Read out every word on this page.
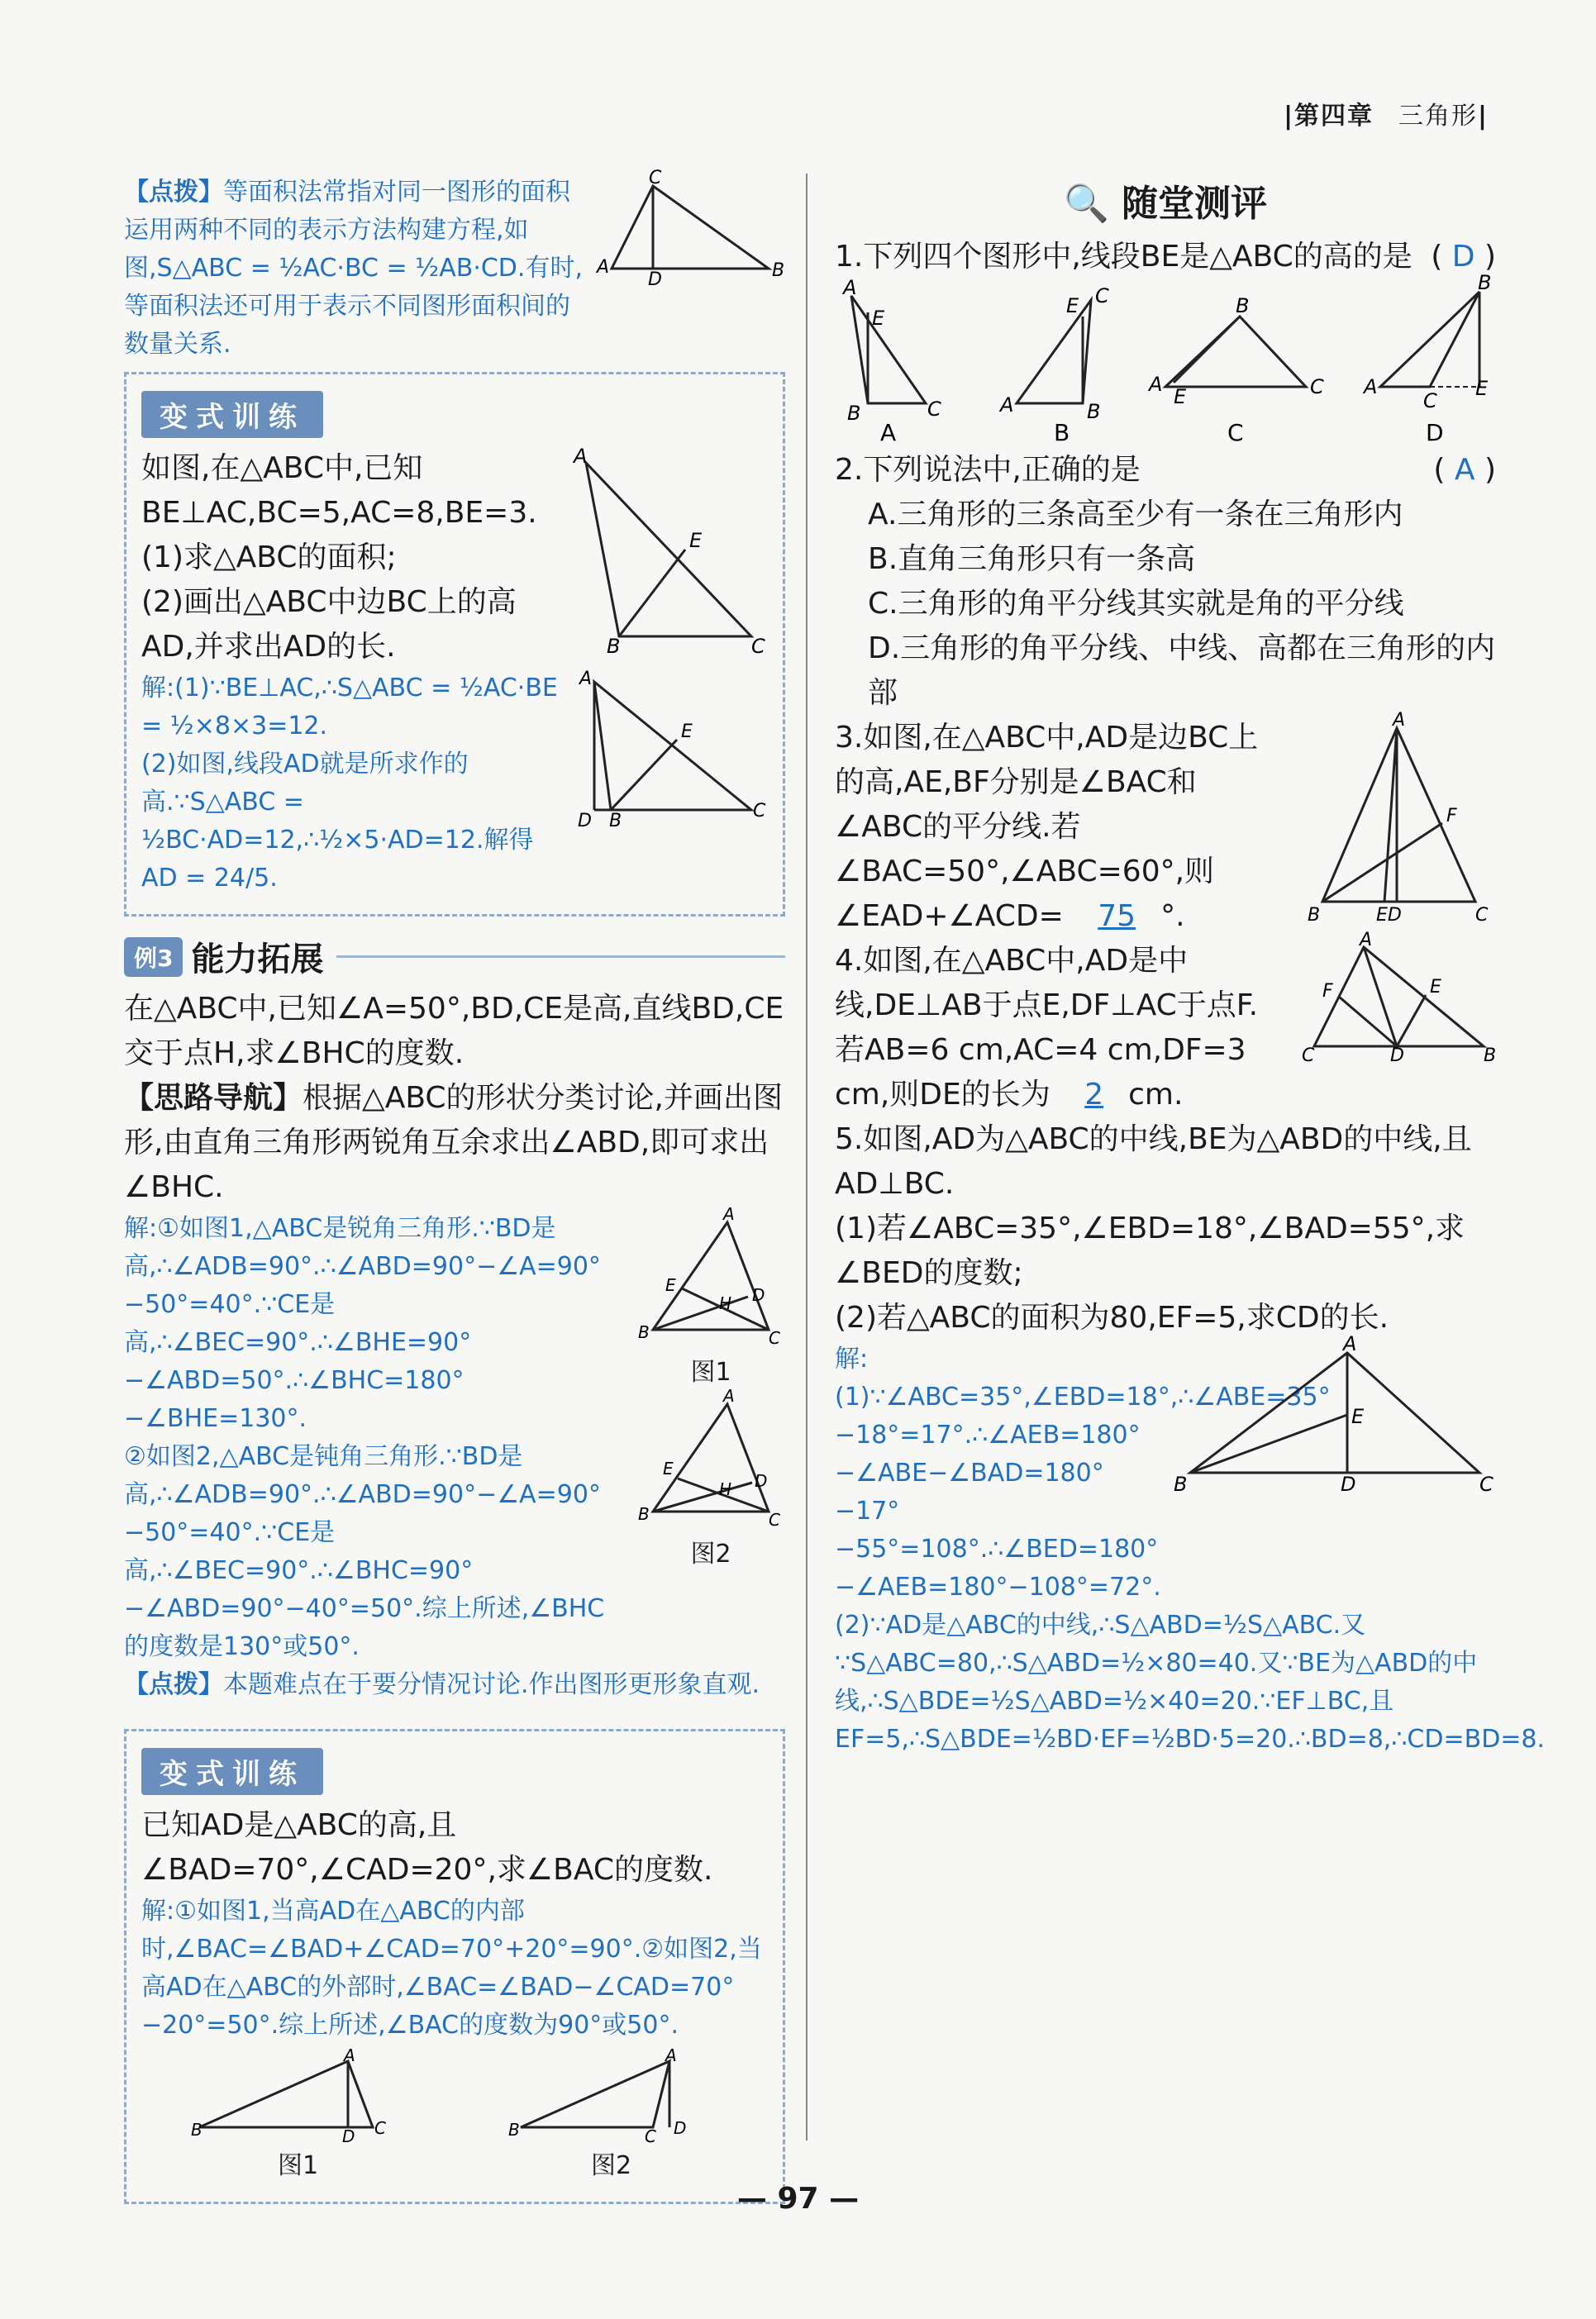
|第四章 三角形|

【点拨】等面积法常指对同一图形的面积运用两种不同的表示方法构建方程,如图,S△ABC = ½AC·BC = ½AB·CD.有时,等面积法还可用于表示不同图形面积间的数量关系.

C
A
D	B
变式训练

如图,在△ABC中,已知 BE⊥AC,BC=5,AC=8,BE=3.

(1)求△ABC的面积;

(2)画出△ABC中边BC上的高AD,并求出AD的长.

A
E
B	C

解:(1)∵BE⊥AC,∴S△ABC = ½AC·BE = ½×8×3=12.

(2)如图,线段AD就是所求作的高.∵S△ABC = ½BC·AD=12,∴½×5·AD=12.解得 AD = 24/5.

A
E
D B	C
例3 能力拓展

在△ABC中,已知∠A=50°,BD,CE是高,直线BD,CE交于点H,求∠BHC的度数.

【思路导航】根据△ABC的形状分类讨论,并画出图形,由直角三角形两锐角互余求出∠ABD,即可求出∠BHC.

解:①如图1,△ABC是锐角三角形.∵BD是高,∴∠ADB=90°.∴∠ABD=90°−∠A=90°−50°=40°.∵CE是高,∴∠BEC=90°.∴∠BHE=90°−∠ABD=50°.∴∠BHC=180°−∠BHE=130°.

②如图2,△ABC是钝角三角形.∵BD是高,∴∠ADB=90°.∴∠ABD=90°−∠A=90°−50°=40°.∵CE是高,∴∠BEC=90°.∴∠BHC=90°−∠ABD=90°−40°=50°.综上所述,∠BHC的度数是130°或50°.

A
E
H D
B	C

图1

A
E
H D
B	C

图2

【点拨】本题难点在于要分情况讨论.作出图形更形象直观.

变式训练

已知AD是△ABC的高,且∠BAD=70°,∠CAD=20°,求∠BAC的度数.

解:①如图1,当高AD在△ABC的内部时,∠BAC=∠BAD+∠CAD=70°+20°=90°.②如图2,当高AD在△ABC的外部时,∠BAC=∠BAD−∠CAD=70°−20°=50°.综上所述,∠BAC的度数为90°或50°.

A
B	D C

图1

A
B	C D

图2

🔍 随堂测评

1.下列四个图形中,线段BE是△ABC的高的是 ( D )

A
E
B	C
A
A
E C
B
B
B
A
E	C
C
B
A
C
E
D

2.下列说法中,正确的是	( A )

A.三角形的三条高至少有一条在三角形内

B.直角三角形只有一条高

C.三角形的角平分线其实就是角的平分线

D.三角形的角平分线、中线、高都在三角形的内部

3.如图,在△ABC中,AD是边BC上的高,AE,BF分别是∠BAC和∠ABC的平分线.若∠BAC=50°,∠ABC=60°,则∠EAD+∠ACD= 75 °.

A
F
B	ED	C

4.如图,在△ABC中,AD是中线,DE⊥AB于点E,DF⊥AC于点F.若AB=6 cm,AC=4 cm,DF=3 cm,则DE的长为 2 cm.

A
F	E
C	D	B

5.如图,AD为△ABC的中线,BE为△ABD的中线,且AD⊥BC.

(1)若∠ABC=35°,∠EBD=18°,∠BAD=55°,求∠BED的度数;

(2)若△ABC的面积为80,EF=5,求CD的长.

解:(1)∵∠ABC=35°,∠EBD=18°,∴∠ABE=35°−18°=17°.∴∠AEB=180°−∠ABE−∠BAD=180°−17°−55°=108°.∴∠BED=180°−∠AEB=180°−108°=72°.

A
E
B	D	C

(2)∵AD是△ABC的中线,∴S△ABD=½S△ABC.又∵S△ABC=80,∴S△ABD=½×80=40.又∵BE为△ABD的中线,∴S△BDE=½S△ABD=½×40=20.∵EF⊥BC,且EF=5,∴S△BDE=½BD·EF=½BD·5=20.∴BD=8,∴CD=BD=8.

— 97 —
